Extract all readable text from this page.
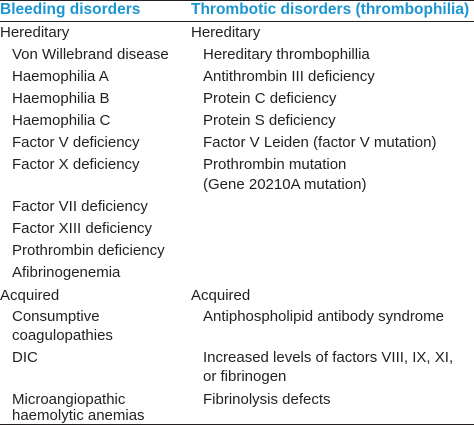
Bleeding disorders	Thrombotic disorders (thrombophilia)
Hereditary
Von Willebrand disease
Haemophilia A
Haemophilia B
Haemophilia C
Factor V deficiency
Factor X deficiency
Factor VII deficiency
Factor XIII deficiency
Prothrombin deficiency
Afibrinogenemia
Acquired
Consumptive
coagulopathies
DIC
Microangiopathic
haemolytic anemias
Hereditary
Hereditary thrombophillia
Antithrombin III deficiency
Protein C deficiency
Protein S deficiency
Factor V Leiden (factor V mutation)
Prothrombin mutation
(Gene 20210A mutation)
Acquired
Antiphospholipid antibody syndrome
Increased levels of factors VIII, IX, XI,
or fibrinogen
Fibrinolysis defects
